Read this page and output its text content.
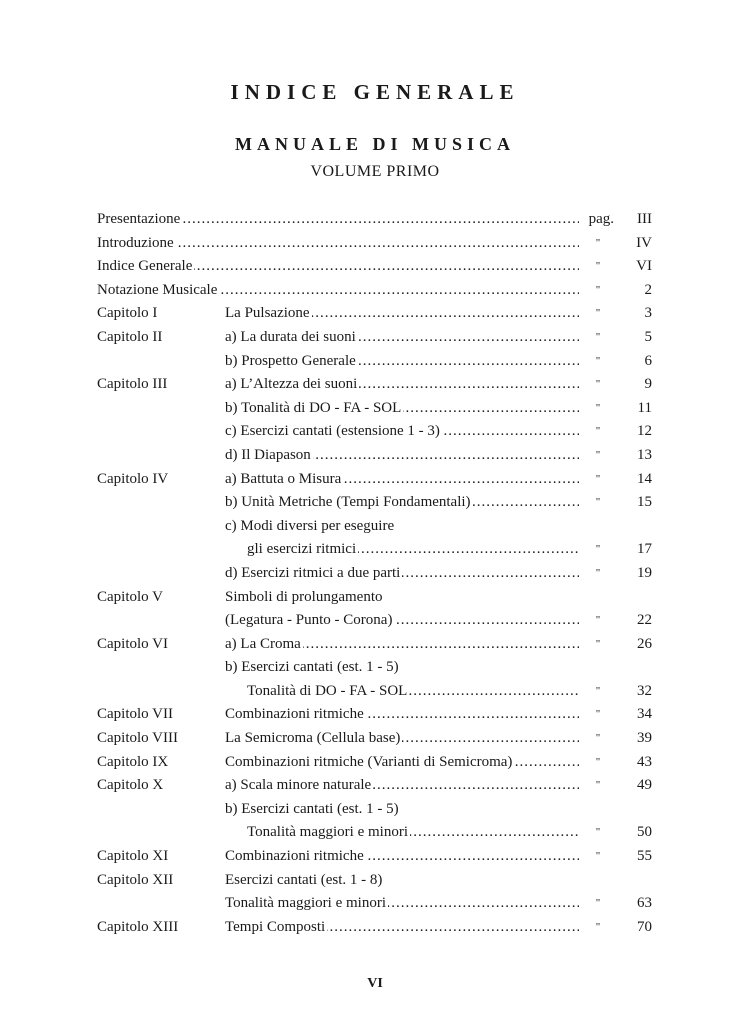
INDICE GENERALE
MANUALE DI MUSICA
VOLUME PRIMO
Presentazione .....	pag.	III
Introduzione .....	"	IV
Indice Generale .....	"	VI
Notazione Musicale .....	"	2
Capitolo I	La Pulsazione .....	"	3
Capitolo II	a) La durata dei suoni .....	"	5
b) Prospetto Generale .....	"	6
Capitolo III	a) L’Altezza dei suoni .....	"	9
b) Tonalità di DO - FA - SOL .....	"	11
c) Esercizi cantati (estensione 1 - 3) .....	"	12
d) Il Diapason .....	"	13
Capitolo IV	a) Battuta o Misura .....	"	14
b) Unità Metriche (Tempi Fondamentali) .....	"	15
c) Modi diversi per eseguire
gli esercizi ritmici .....	"	17
d) Esercizi ritmici a due parti .....	"	19
Capitolo V	Simboli di prolungamento
(Legatura - Punto - Corona) .....	"	22
Capitolo VI	a) La Croma .....	"	26
b) Esercizi cantati (est. 1 - 5)
Tonalità di DO - FA - SOL .....	"	32
Capitolo VII	Combinazioni ritmiche .....	"	34
Capitolo VIII	La Semicroma (Cellula base) .....	"	39
Capitolo IX	Combinazioni ritmiche (Varianti di Semicroma) .....	"	43
Capitolo X	a) Scala minore naturale .....	"	49
b) Esercizi cantati (est. 1 - 5)
Tonalità maggiori e minori .....	"	50
Capitolo XI	Combinazioni ritmiche .....	"	55
Capitolo XII	Esercizi cantati (est. 1 - 8)
Tonalità maggiori e minori .....	"	63
Capitolo XIII	Tempi Composti .....	"	70
VI
